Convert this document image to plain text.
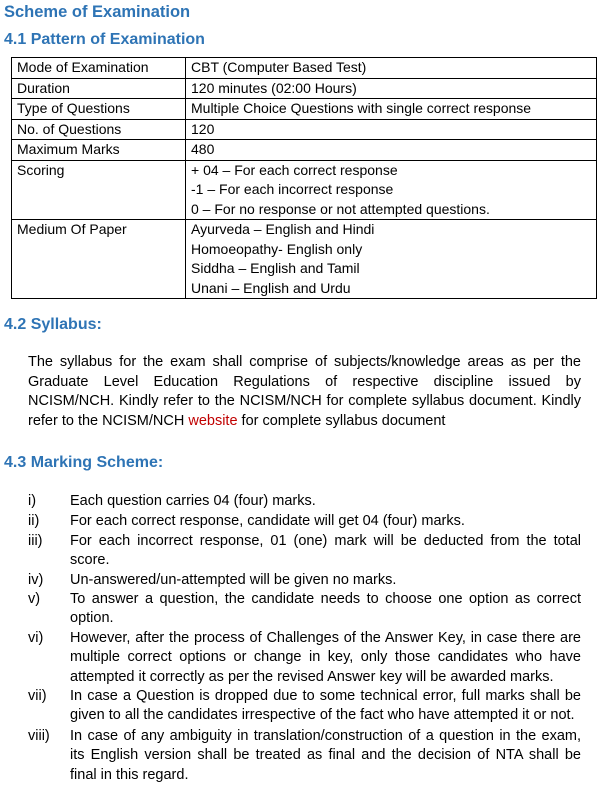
Scheme of Examination
4.1 Pattern of Examination
Mode of Examination	CBT (Computer Based Test)

Duration	120 minutes (02:00 Hours)

Type of Questions	Multiple Choice Questions with single correct response

No. of Questions	120

Maximum Marks	480

Scoring	+ 04 – For each correct response
-1 – For each incorrect response
0 – For no response or not attempted questions.

Medium Of Paper	Ayurveda – English and Hindi
Homoeopathy- English only
Siddha – English and Tamil
Unani – English and Urdu
4.2 Syllabus:
The syllabus for the exam shall comprise of subjects/knowledge areas as per the Graduate Level Education Regulations of respective discipline issued by NCISM/NCH. Kindly refer to the NCISM/NCH for complete syllabus document. Kindly refer to the NCISM/NCH website for complete syllabus document
4.3 Marking Scheme:
i)	Each question carries 04 (four) marks.
ii)	For each correct response, candidate will get 04 (four) marks.
iii)	For each incorrect response, 01 (one) mark will be deducted from the total score.
iv)	Un-answered/un-attempted will be given no marks.
v)	To answer a question, the candidate needs to choose one option as correct option.
vi)	However, after the process of Challenges of the Answer Key, in case there are multiple correct options or change in key, only those candidates who have attempted it correctly as per the revised Answer key will be awarded marks.
vii)	In case a Question is dropped due to some technical error, full marks shall be given to all the candidates irrespective of the fact who have attempted it or not.
viii)	In case of any ambiguity in translation/construction of a question in the exam, its English version shall be treated as final and the decision of NTA shall be final in this regard.
